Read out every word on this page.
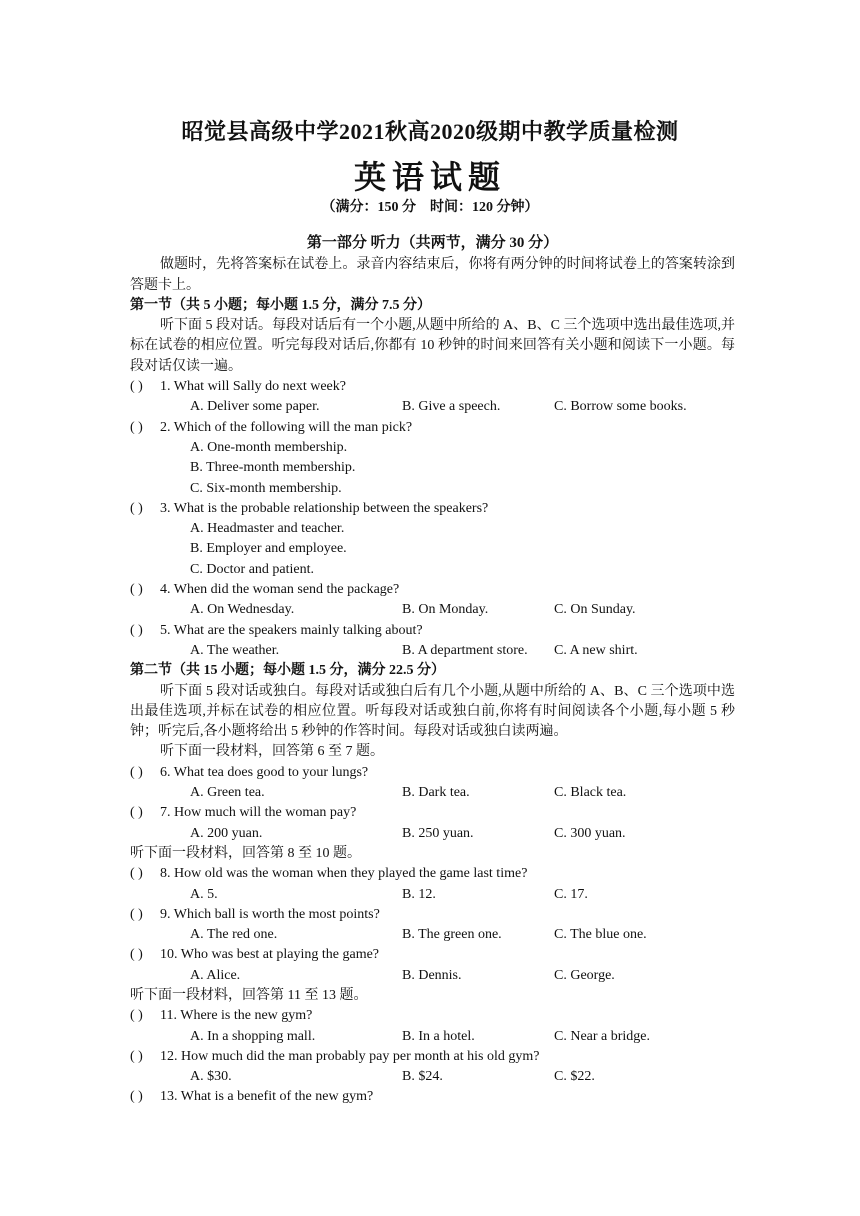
昭觉县高级中学2021秋高2020级期中教学质量检测
英语试题
（满分：150 分　时间：120 分钟）

第一部分 听力（共两节，满分 30 分）

做题时，先将答案标在试卷上。录音内容结束后，你将有两分钟的时间将试卷上的答案转涂到答题卡上。

第一节（共 5 小题；每小题 1.5 分，满分 7.5 分）

听下面 5 段对话。每段对话后有一个小题,从题中所给的 A、B、C 三个选项中选出最佳选项,并标在试卷的相应位置。听完每段对话后,你都有 10 秒钟的时间来回答有关小题和阅读下一小题。每段对话仅读一遍。

( ) 1. What will Sally do next week?
A. Deliver some paper.	B. Give a speech.	C. Borrow some books.
( ) 2. Which of the following will the man pick?
A. One-month membership.
B. Three-month membership.
C. Six-month membership.
( ) 3. What is the probable relationship between the speakers?
A. Headmaster and teacher.
B. Employer and employee.
C. Doctor and patient.
( ) 4. When did the woman send the package?
A. On Wednesday.	B. On Monday.	C. On Sunday.
( ) 5. What are the speakers mainly talking about?
A. The weather.	B. A department store. C. A new shirt.

第二节（共 15 小题；每小题 1.5 分，满分 22.5 分）

听下面 5 段对话或独白。每段对话或独白后有几个小题,从题中所给的 A、B、C 三个选项中选出最佳选项,并标在试卷的相应位置。听每段对话或独白前,你将有时间阅读各个小题,每小题 5 秒钟；听完后,各小题将给出 5 秒钟的作答时间。每段对话或独白读两遍。

听下面一段材料，回答第 6 至 7 题。

( ) 6. What tea does good to your lungs?
A. Green tea.	B. Dark tea.	C. Black tea.
( ) 7. How much will the woman pay?
A. 200 yuan.	B. 250 yuan.	C. 300 yuan.

听下面一段材料，回答第 8 至 10 题。

( ) 8. How old was the woman when they played the game last time?
A. 5.	B. 12.	C. 17.
( ) 9. Which ball is worth the most points?
A. The red one.	B. The green one.	C. The blue one.
( ) 10. Who was best at playing the game?
A. Alice.	B. Dennis.	C. George.

听下面一段材料，回答第 11 至 13 题。

( ) 11. Where is the new gym?
A. In a shopping mall.	B. In a hotel.	C. Near a bridge.
( ) 12. How much did the man probably pay per month at his old gym?
A. $30.	B. $24.	C. $22.
( ) 13. What is a benefit of the new gym?
